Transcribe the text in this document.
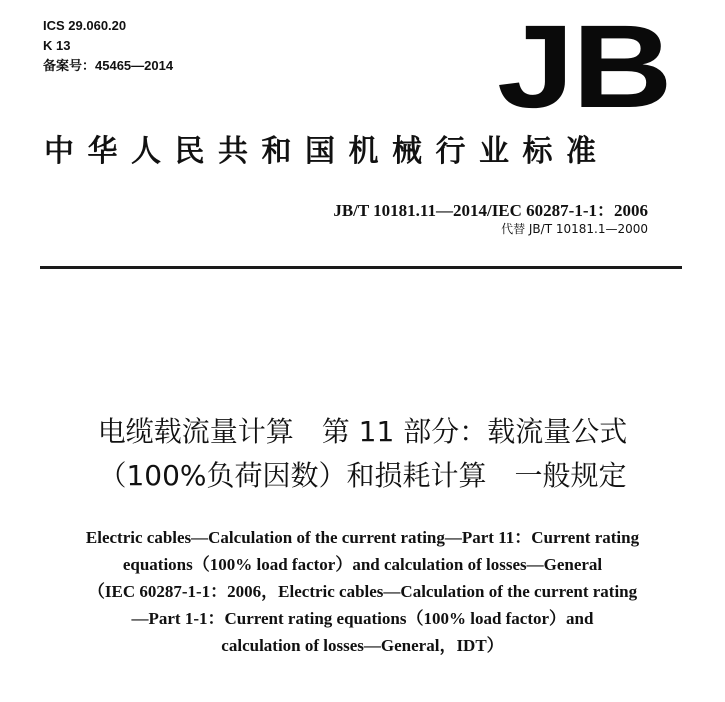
ICS 29.060.20
K 13
备案号：45465—2014	JB
中华人民共和国机械行业标准
JB/T 10181.11—2014/IEC 60287-1-1：2006
代替 JB/T 10181.1—2000
电缆载流量计算　第 11 部分：载流量公式
（100%负荷因数）和损耗计算　一般规定
Electric cables—Calculation of the current rating—Part 11：Current rating
equations（100% load factor）and calculation of losses—General
（IEC 60287-1-1：2006，Electric cables—Calculation of the current rating
—Part 1-1：Current rating equations（100% load factor）and
calculation of losses—General，IDT）
